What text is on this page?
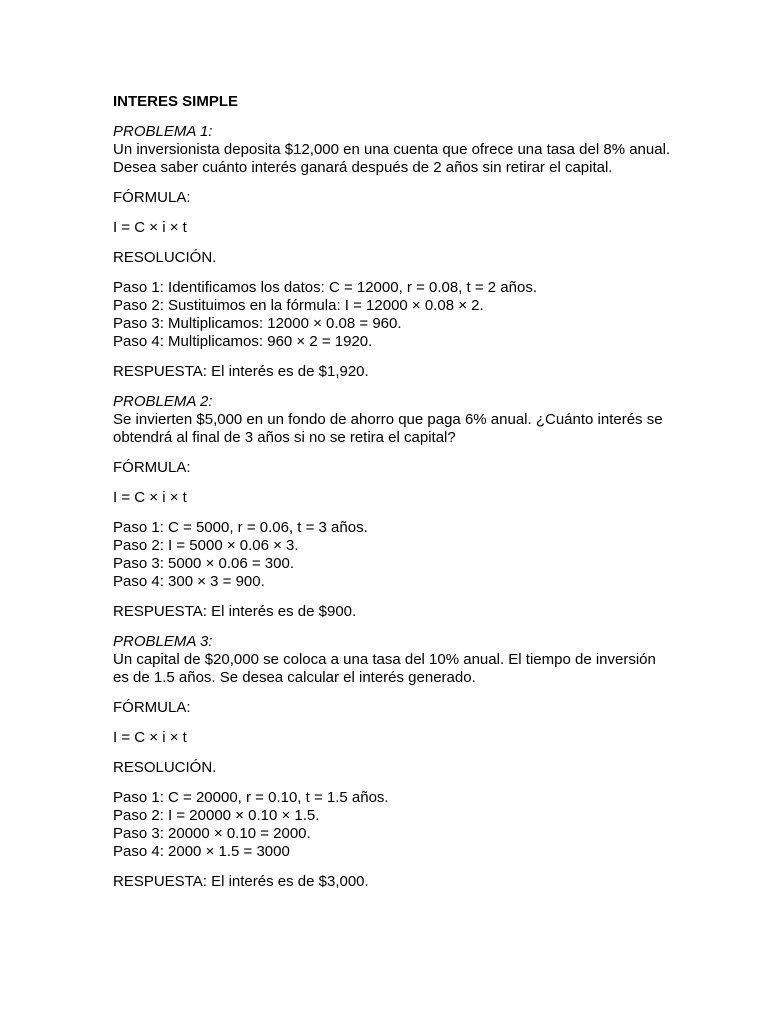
INTERES SIMPLE

PROBLEMA 1:

Un inversionista deposita $12,000 en una cuenta que ofrece una tasa del 8% anual. Desea saber cuánto interés ganará después de 2 años sin retirar el capital.

FÓRMULA:

I = C × i × t

RESOLUCIÓN.

Paso 1: Identificamos los datos: C = 12000, r = 0.08, t = 2 años.
Paso 2: Sustituimos en la fórmula: I = 12000 × 0.08 × 2.
Paso 3: Multiplicamos: 12000 × 0.08 = 960.
Paso 4: Multiplicamos: 960 × 2 = 1920.

RESPUESTA: El interés es de $1,920.

PROBLEMA 2:

Se invierten $5,000 en un fondo de ahorro que paga 6% anual. ¿Cuánto interés se obtendrá al final de 3 años si no se retira el capital?

FÓRMULA:

I = C × i × t

Paso 1: C = 5000, r = 0.06, t = 3 años.
Paso 2: I = 5000 × 0.06 × 3.
Paso 3: 5000 × 0.06 = 300.
Paso 4: 300 × 3 = 900.

RESPUESTA: El interés es de $900.

PROBLEMA 3:

Un capital de $20,000 se coloca a una tasa del 10% anual. El tiempo de inversión es de 1.5 años. Se desea calcular el interés generado.

FÓRMULA:

I = C × i × t

RESOLUCIÓN.

Paso 1: C = 20000, r = 0.10, t = 1.5 años.
Paso 2: I = 20000 × 0.10 × 1.5.
Paso 3: 20000 × 0.10 = 2000.
Paso 4: 2000 × 1.5 = 3000

RESPUESTA: El interés es de $3,000.
